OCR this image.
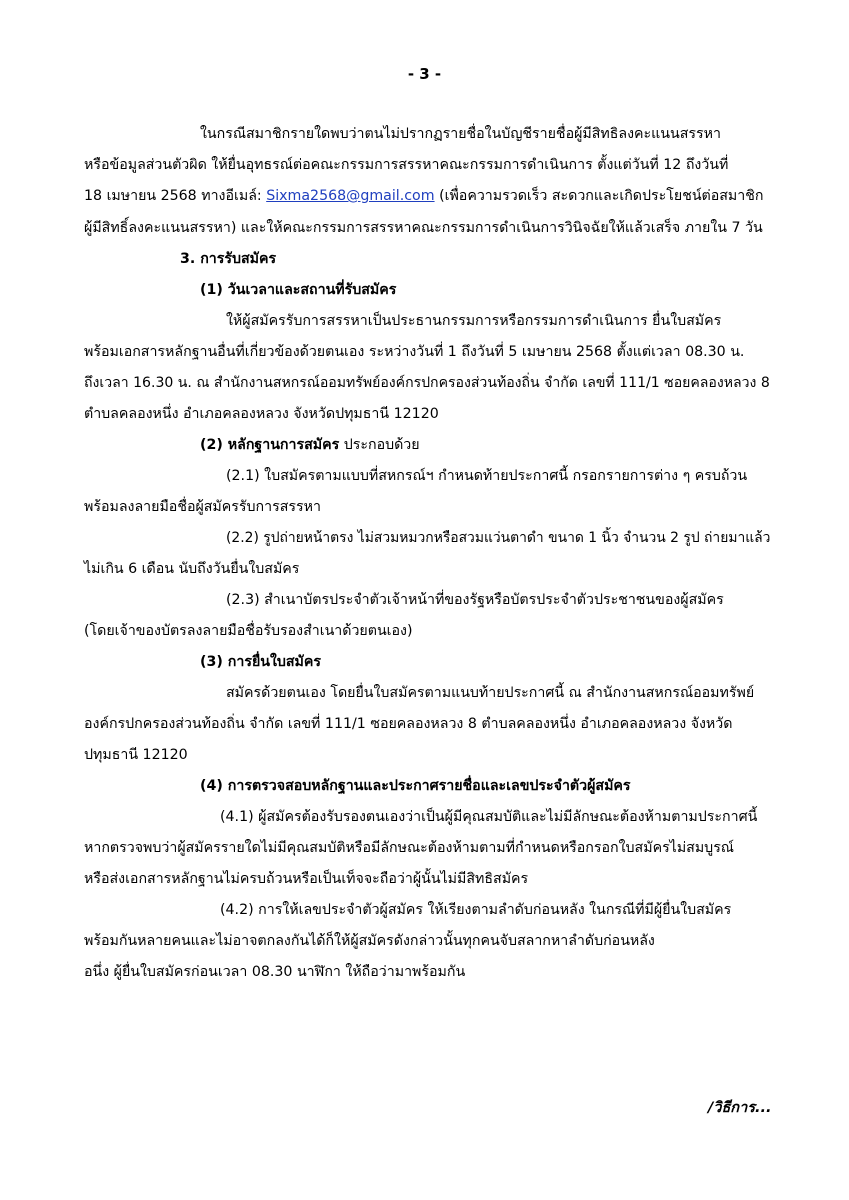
- 3 -
ในกรณีสมาชิกรายใดพบว่าตนไม่ปรากฏรายชื่อในบัญชีรายชื่อผู้มีสิทธิลงคะแนนสรรหา
หรือข้อมูลส่วนตัวผิด ให้ยื่นอุทธรณ์ต่อคณะกรรมการสรรหาคณะกรรมการดำเนินการ ตั้งแต่วันที่ 12 ถึงวันที่
18 เมษายน 2568 ทางอีเมล์: Sixma2568@gmail.com (เพื่อความรวดเร็ว สะดวกและเกิดประโยชน์ต่อสมาชิก
ผู้มีสิทธิ์ลงคะแนนสรรหา) และให้คณะกรรมการสรรหาคณะกรรมการดำเนินการวินิจฉัยให้แล้วเสร็จ ภายใน 7 วัน
3. การรับสมัคร
(1) วันเวลาและสถานที่รับสมัคร
ให้ผู้สมัครรับการสรรหาเป็นประธานกรรมการหรือกรรมการดำเนินการ ยื่นใบสมัคร
พร้อมเอกสารหลักฐานอื่นที่เกี่ยวข้องด้วยตนเอง ระหว่างวันที่ 1 ถึงวันที่ 5 เมษายน 2568 ตั้งแต่เวลา 08.30 น.
ถึงเวลา 16.30 น. ณ สำนักงานสหกรณ์ออมทรัพย์องค์กรปกครองส่วนท้องถิ่น จำกัด เลขที่ 111/1 ซอยคลองหลวง 8
ตำบลคลองหนึ่ง อำเภอคลองหลวง จังหวัดปทุมธานี 12120
(2) หลักฐานการสมัคร ประกอบด้วย
(2.1) ใบสมัครตามแบบที่สหกรณ์ฯ กำหนดท้ายประกาศนี้ กรอกรายการต่าง ๆ ครบถ้วน
พร้อมลงลายมือชื่อผู้สมัครรับการสรรหา
(2.2) รูปถ่ายหน้าตรง ไม่สวมหมวกหรือสวมแว่นตาดำ ขนาด 1 นิ้ว จำนวน 2 รูป ถ่ายมาแล้ว
ไม่เกิน 6 เดือน นับถึงวันยื่นใบสมัคร
(2.3) สำเนาบัตรประจำตัวเจ้าหน้าที่ของรัฐหรือบัตรประจำตัวประชาชนของผู้สมัคร
(โดยเจ้าของบัตรลงลายมือชื่อรับรองสำเนาด้วยตนเอง)
(3) การยื่นใบสมัคร
สมัครด้วยตนเอง โดยยื่นใบสมัครตามแนบท้ายประกาศนี้ ณ สำนักงานสหกรณ์ออมทรัพย์
องค์กรปกครองส่วนท้องถิ่น จำกัด เลขที่ 111/1 ซอยคลองหลวง 8 ตำบลคลองหนึ่ง อำเภอคลองหลวง จังหวัด
ปทุมธานี 12120
(4) การตรวจสอบหลักฐานและประกาศรายชื่อและเลขประจำตัวผู้สมัคร
(4.1) ผู้สมัครต้องรับรองตนเองว่าเป็นผู้มีคุณสมบัติและไม่มีลักษณะต้องห้ามตามประกาศนี้
หากตรวจพบว่าผู้สมัครรายใดไม่มีคุณสมบัติหรือมีลักษณะต้องห้ามตามที่กำหนดหรือกรอกใบสมัครไม่สมบูรณ์
หรือส่งเอกสารหลักฐานไม่ครบถ้วนหรือเป็นเท็จจะถือว่าผู้นั้นไม่มีสิทธิสมัคร
(4.2) การให้เลขประจำตัวผู้สมัคร ให้เรียงตามลำดับก่อนหลัง ในกรณีที่มีผู้ยื่นใบสมัคร
พร้อมกันหลายคนและไม่อาจตกลงกันได้ก็ให้ผู้สมัครดังกล่าวนั้นทุกคนจับสลากหาลำดับก่อนหลัง
อนึ่ง ผู้ยื่นใบสมัครก่อนเวลา 08.30 นาฬิกา ให้ถือว่ามาพร้อมกัน
/วิธีการ...
